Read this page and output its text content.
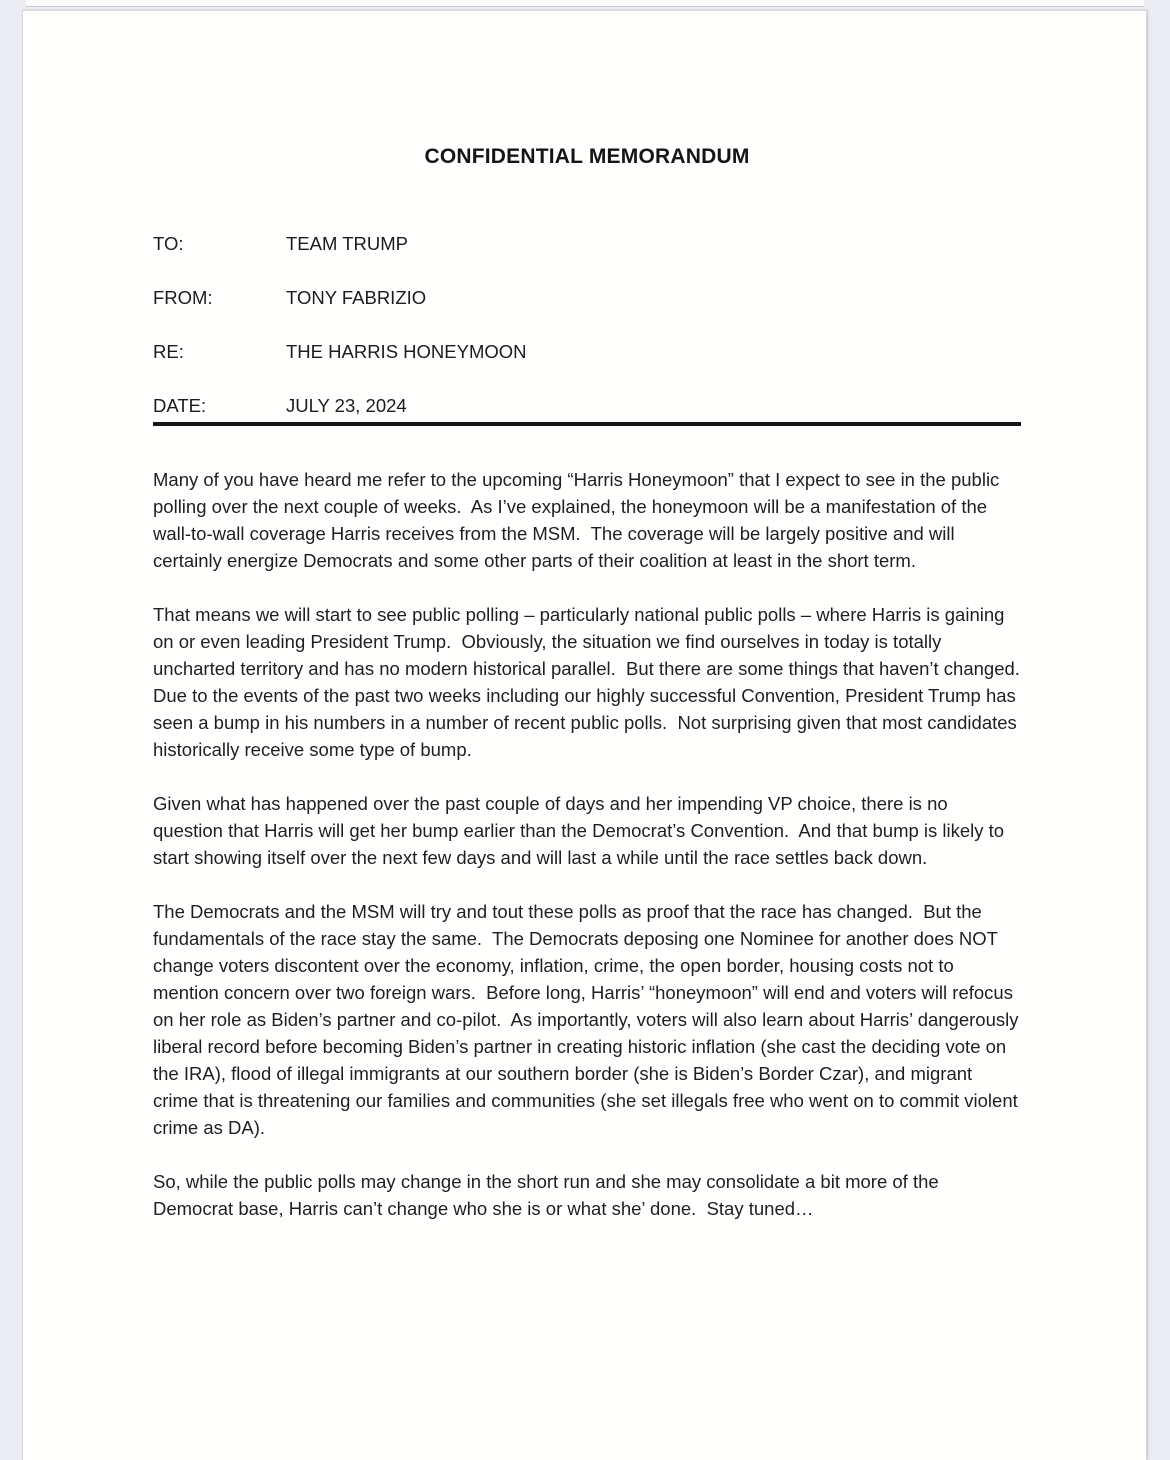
CONFIDENTIAL MEMORANDUM
TO:	TEAM TRUMP
FROM:	TONY FABRIZIO
RE:	THE HARRIS HONEYMOON
DATE:	JULY 23, 2024

Many of you have heard me refer to the upcoming “Harris Honeymoon” that I expect to see in the public polling over the next couple of weeks.  As I’ve explained, the honeymoon will be a manifestation of the wall-to-wall coverage Harris receives from the MSM.  The coverage will be largely positive and will certainly energize Democrats and some other parts of their coalition at least in the short term.

That means we will start to see public polling – particularly national public polls – where Harris is gaining on or even leading President Trump.  Obviously, the situation we find ourselves in today is totally uncharted territory and has no modern historical parallel.  But there are some things that haven’t changed.  Due to the events of the past two weeks including our highly successful Convention, President Trump has seen a bump in his numbers in a number of recent public polls.  Not surprising given that most candidates historically receive some type of bump.

Given what has happened over the past couple of days and her impending VP choice, there is no question that Harris will get her bump earlier than the Democrat’s Convention.  And that bump is likely to start showing itself over the next few days and will last a while until the race settles back down.

The Democrats and the MSM will try and tout these polls as proof that the race has changed.  But the fundamentals of the race stay the same.  The Democrats deposing one Nominee for another does NOT change voters discontent over the economy, inflation, crime, the open border, housing costs not to mention concern over two foreign wars.  Before long, Harris’ “honeymoon” will end and voters will refocus on her role as Biden’s partner and co-pilot.  As importantly, voters will also learn about Harris’ dangerously liberal record before becoming Biden’s partner in creating historic inflation (she cast the deciding vote on the IRA), flood of illegal immigrants at our southern border (she is Biden’s Border Czar), and migrant crime that is threatening our families and communities (she set illegals free who went on to commit violent crime as DA).

So, while the public polls may change in the short run and she may consolidate a bit more of the Democrat base, Harris can’t change who she is or what she’ done.  Stay tuned…
